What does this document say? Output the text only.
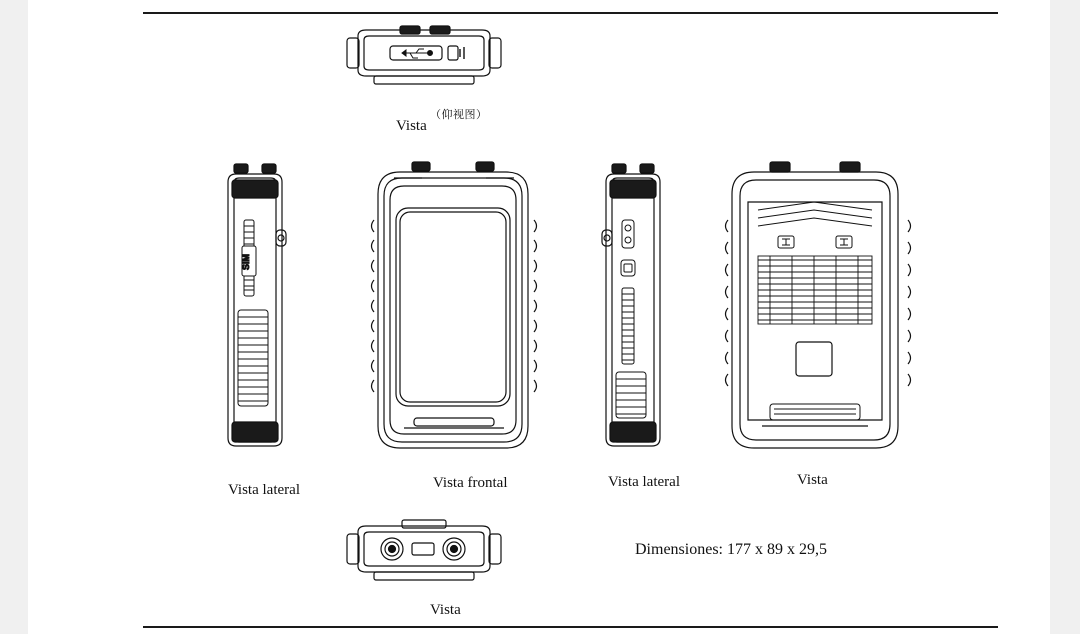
（仰视图）
Vista
SIM
Vista lateral	Vista frontal	Vista lateral	Vista
Vista
Dimensiones: 177 x 89 x 29,5
